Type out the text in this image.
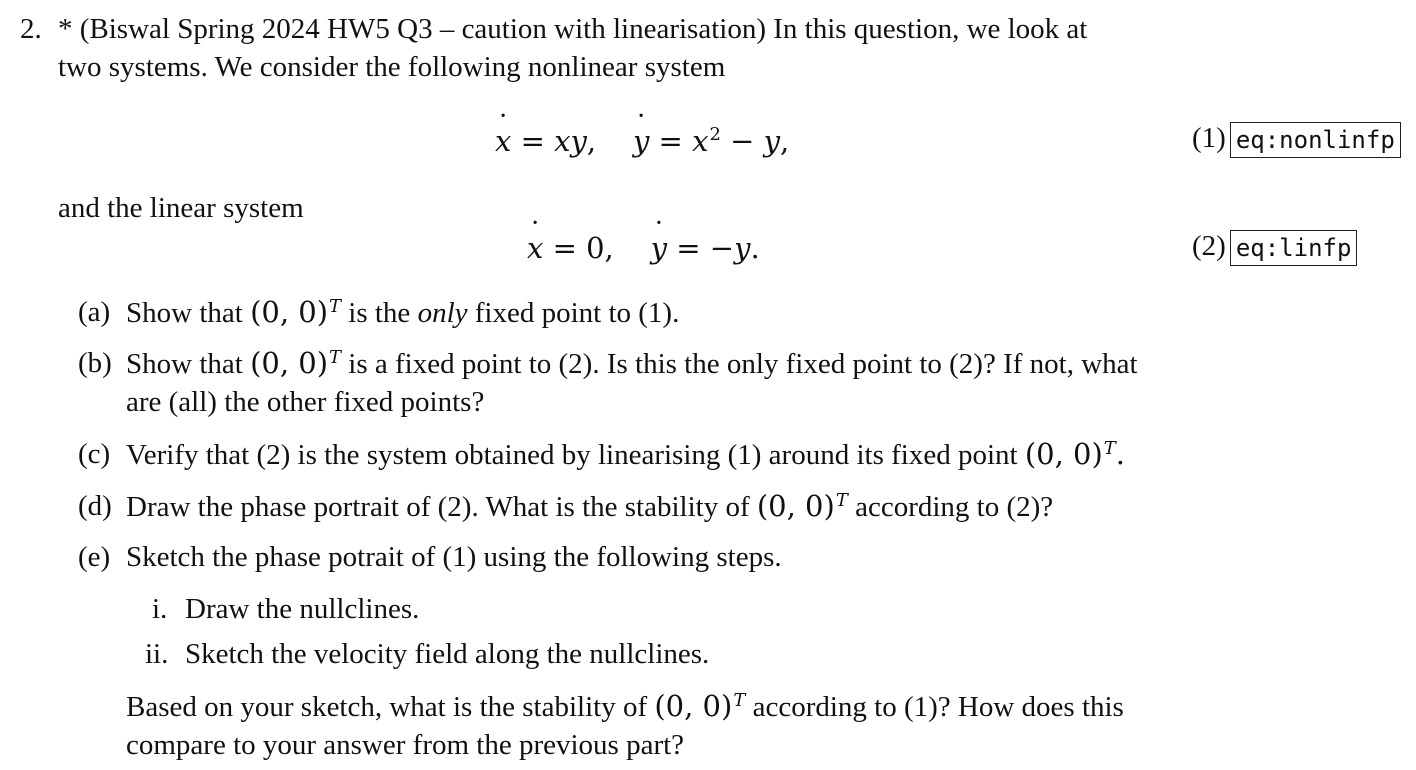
2. * (Biswal Spring 2024 HW5 Q3 – caution with linearisation) In this question, we look at
two systems. We consider the following nonlinear system
x ˙ = xy,    y ˙ = $x^2 - y$,	(1) eq:nonlinfp
and the linear system
x ˙ = 0,    y ˙ = −y.	(2) eq:linfp
(a) Show that (0, 0)$^T$ is the only fixed point to (1).
(b) Show that (0, 0)$^T$ is a fixed point to (2). Is this the only fixed point to (2)? If not, what
are (all) the other fixed points?
(c) Verify that (2) is the system obtained by linearising (1) around its fixed point (0, 0)$^T$.
(d) Draw the phase portrait of (2). What is the stability of (0, 0)$^T$ according to (2)?
(e) Sketch the phase potrait of (1) using the following steps.
i. Draw the nullclines.
ii. Sketch the velocity field along the nullclines.
Based on your sketch, what is the stability of (0, 0)$^T$ according to (1)? How does this
compare to your answer from the previous part?
